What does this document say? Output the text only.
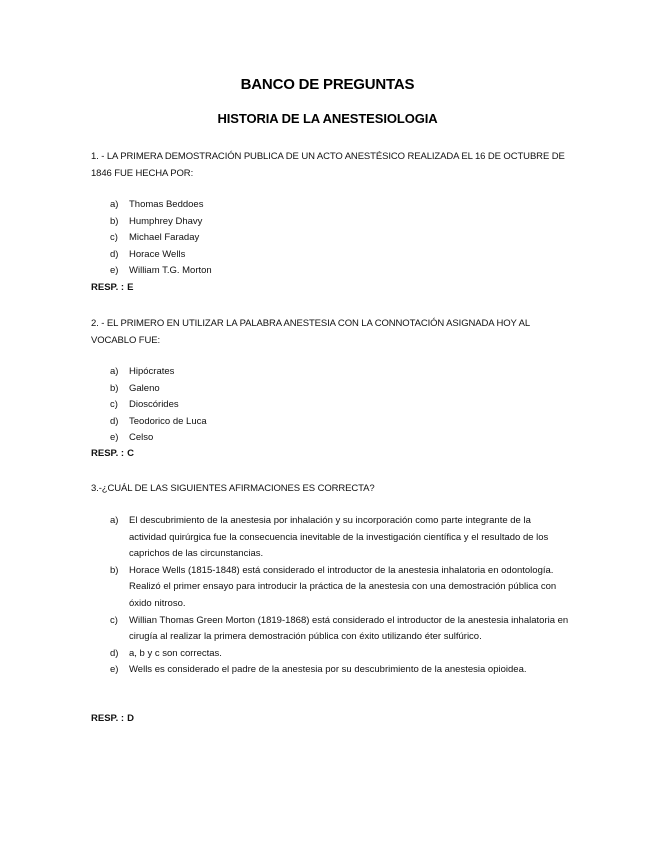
BANCO DE PREGUNTAS
HISTORIA DE LA ANESTESIOLOGIA
1. - LA PRIMERA DEMOSTRACIÓN PUBLICA DE UN ACTO ANESTÉSICO REALIZADA EL 16 DE OCTUBRE DE 1846 FUE HECHA POR:
a) Thomas Beddoes
b) Humphrey Dhavy
c) Michael Faraday
d) Horace Wells
e) William T.G. Morton
RESP. : E
2. - EL PRIMERO EN UTILIZAR LA PALABRA ANESTESIA CON LA CONNOTACIÓN ASIGNADA HOY AL VOCABLO FUE:
a) Hipócrates
b) Galeno
c) Dioscórides
d) Teodorico de Luca
e) Celso
RESP. : C
3.-¿CUÁL DE LAS SIGUIENTES AFIRMACIONES ES CORRECTA?
a) El descubrimiento de la anestesia por inhalación y su incorporación como parte integrante de la actividad quirúrgica fue la consecuencia inevitable de la investigación científica y el resultado de los caprichos de las circunstancias.
b) Horace Wells (1815-1848) está considerado el introductor de la anestesia inhalatoria en odontología. Realizó el primer ensayo para introducir la práctica de la anestesia con una demostración pública con óxido nitroso.
c) Willian Thomas Green Morton (1819-1868) está considerado el introductor de la anestesia inhalatoria en cirugía al realizar la primera demostración pública con éxito utilizando éter sulfúrico.
d) a, b y c son correctas.
e) Wells es considerado el padre de la anestesia por su descubrimiento de la anestesia opioidea.
RESP. : D
